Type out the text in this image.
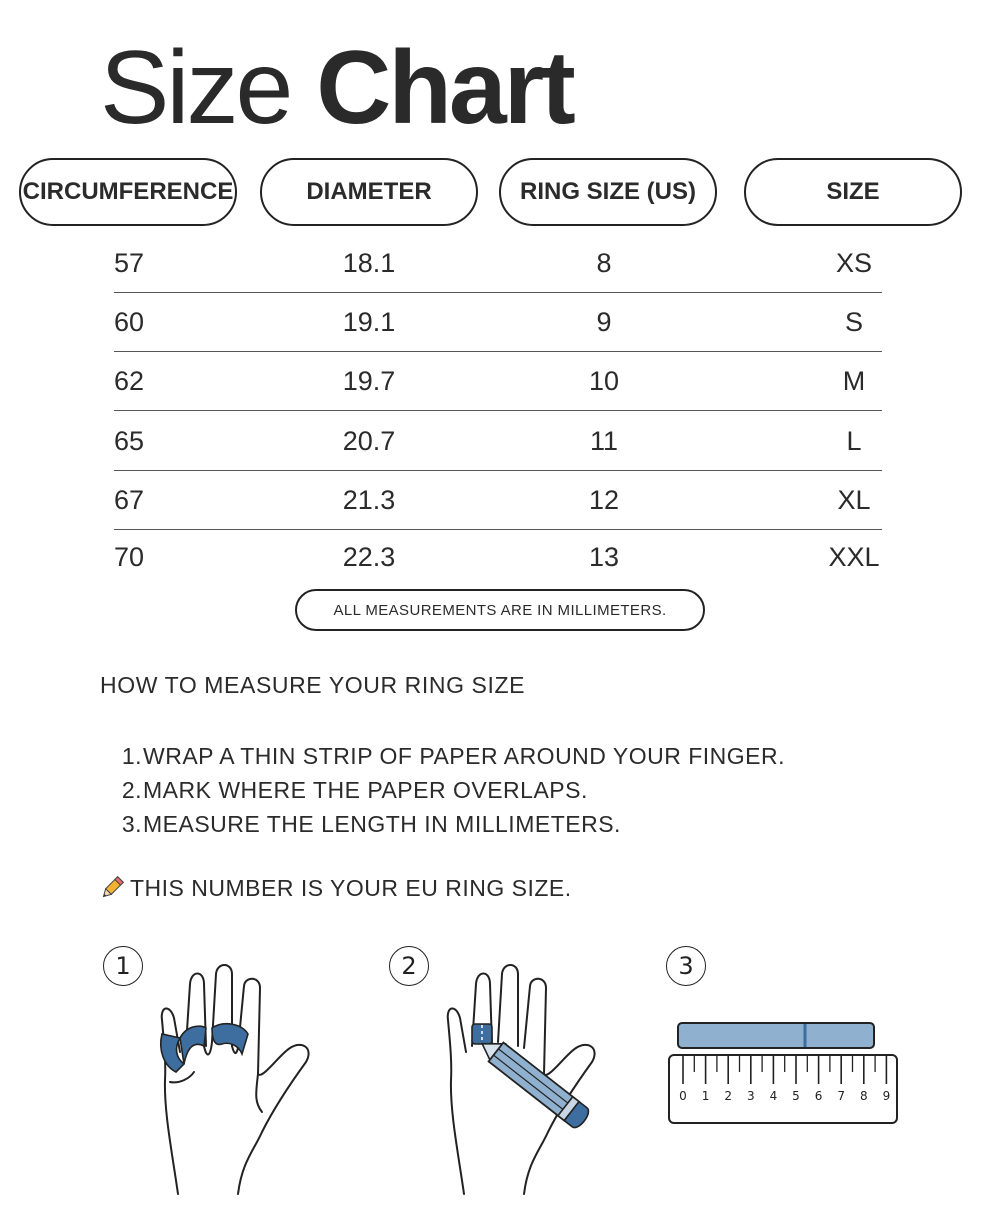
Size Chart
CIRCUMFERENCE	DIAMETER	RING SIZE (US)	SIZE
57	18.1	8	XS
60	19.1	9	S
62	19.7	10	M
65	20.7	11	L
67	21.3	12	XL
70	22.3	13	XXL
ALL MEASUREMENTS ARE IN MILLIMETERS.
HOW TO MEASURE YOUR RING SIZE
1.WRAP A THIN STRIP OF PAPER AROUND YOUR FINGER.
2.MARK WHERE THE PAPER OVERLAPS.
3.MEASURE THE LENGTH IN MILLIMETERS.
THIS NUMBER IS YOUR EU RING SIZE.
1	2	3
0 1 2 3 4 5 6 7 8 9
